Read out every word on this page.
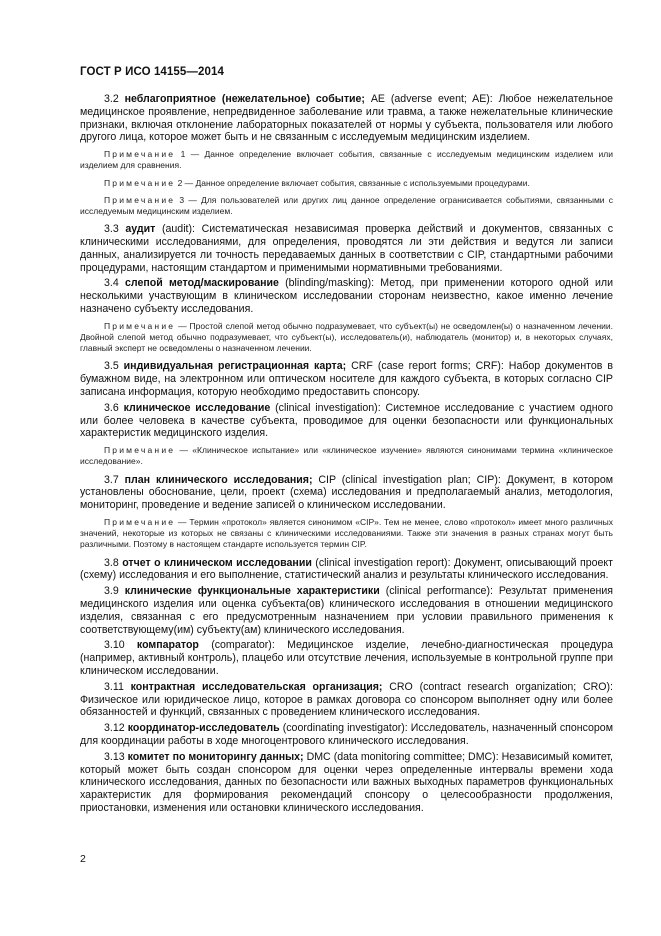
ГОСТ Р ИСО 14155—2014

3.2 неблагоприятное (нежелательное) событие; AE (adverse event; AE): Любое нежелательное медицинское проявление, непредвиденное заболевание или травма, а также нежелательные клинические признаки, включая отклонение лабораторных показателей от нормы у субъекта, пользователя или любого другого лица, которое может быть и не связанным с исследуемым медицинским изделием.

Примечание 1 — Данное определение включает события, связанные с исследуемым медицинским изделием или изделием для сравнения.

Примечание 2 — Данное определение включает события, связанные с используемыми процедурами.

Примечание 3 — Для пользователей или других лиц данное определение огранисивается событиями, связанными с исследуемым медицинским изделием.

3.3 аудит (audit): Систематическая независимая проверка действий и документов, связанных с клиническими исследованиями, для определения, проводятся ли эти действия и ведутся ли записи данных, анализируется ли точность передаваемых данных в соответствии с CIP, стандартными рабочими процедурами, настоящим стандартом и применимыми нормативными требованиями.

3.4 слепой метод/маскирование (blinding/masking): Метод, при применении которого одной или несколькими участвующим в клиническом исследовании сторонам неизвестно, какое именно лечение назначено субъекту исследования.

Примечание — Простой слепой метод обычно подразумевает, что субъект(ы) не осведомлен(ы) о назначенном лечении. Двойной слепой метод обычно подразумевает, что субъект(ы), исследователь(и), наблюдатель (монитор) и, в некоторых случаях, главный эксперт не осведомлены о назначенном лечении.

3.5 индивидуальная регистрационная карта; CRF (case report forms; CRF): Набор документов в бумажном виде, на электронном или оптическом носителе для каждого субъекта, в которых согласно CIP записана информация, которую необходимо предоставить спонсору.

3.6 клиническое исследование (clinical investigation): Системное исследование с участием одного или более человека в качестве субъекта, проводимое для оценки безопасности или функциональных характеристик медицинского изделия.

Примечание — «Клиническое испытание» или «клиническое изучение» являются синонимами термина «клиническое исследование».

3.7 план клинического исследования; CIP (clinical investigation plan; CIP): Документ, в котором установлены обоснование, цели, проект (схема) исследования и предполагаемый анализ, методология, мониторинг, проведение и ведение записей о клиническом исследовании.

Примечание — Термин «протокол» является синонимом «CIP». Тем не менее, слово «протокол» имеет много различных значений, некоторые из которых не связаны с клиническими исследованиями. Также эти значения в разных странах могут быть различными. Поэтому в настоящем стандарте используется термин CIP.

3.8 отчет о клиническом исследовании (clinical investigation report): Документ, описывающий проект (схему) исследования и его выполнение, статистический анализ и результаты клинического исследования.

3.9 клинические функциональные характеристики (clinical performance): Результат применения медицинского изделия или оценка субъекта(ов) клинического исследования в отношении медицинского изделия, связанная с его предусмотренным назначением при условии правильного применения к соответствующему(им) субъекту(ам) клинического исследования.

3.10 компаратор (comparator): Медицинское изделие, лечебно-диагностическая процедура (например, активный контроль), плацебо или отсутствие лечения, используемые в контрольной группе при клиническом исследовании.

3.11 контрактная исследовательская организация; CRO (contract research organization; CRO): Физическое или юридическое лицо, которое в рамках договора со спонсором выполняет одну или более обязанностей и функций, связанных с проведением клинического исследования.

3.12 координатор-исследователь (coordinating investigator): Исследователь, назначенный спонсором для координации работы в ходе многоцентрового клинического исследования.

3.13 комитет по мониторингу данных; DMC (data monitoring committee; DMC): Независимый комитет, который может быть создан спонсором для оценки через определенные интервалы времени хода клинического исследования, данных по безопасности или важных выходных параметров функциональных характеристик для формирования рекомендаций спонсору о целесообразности продолжения, приостановки, изменения или остановки клинического исследования.

2
